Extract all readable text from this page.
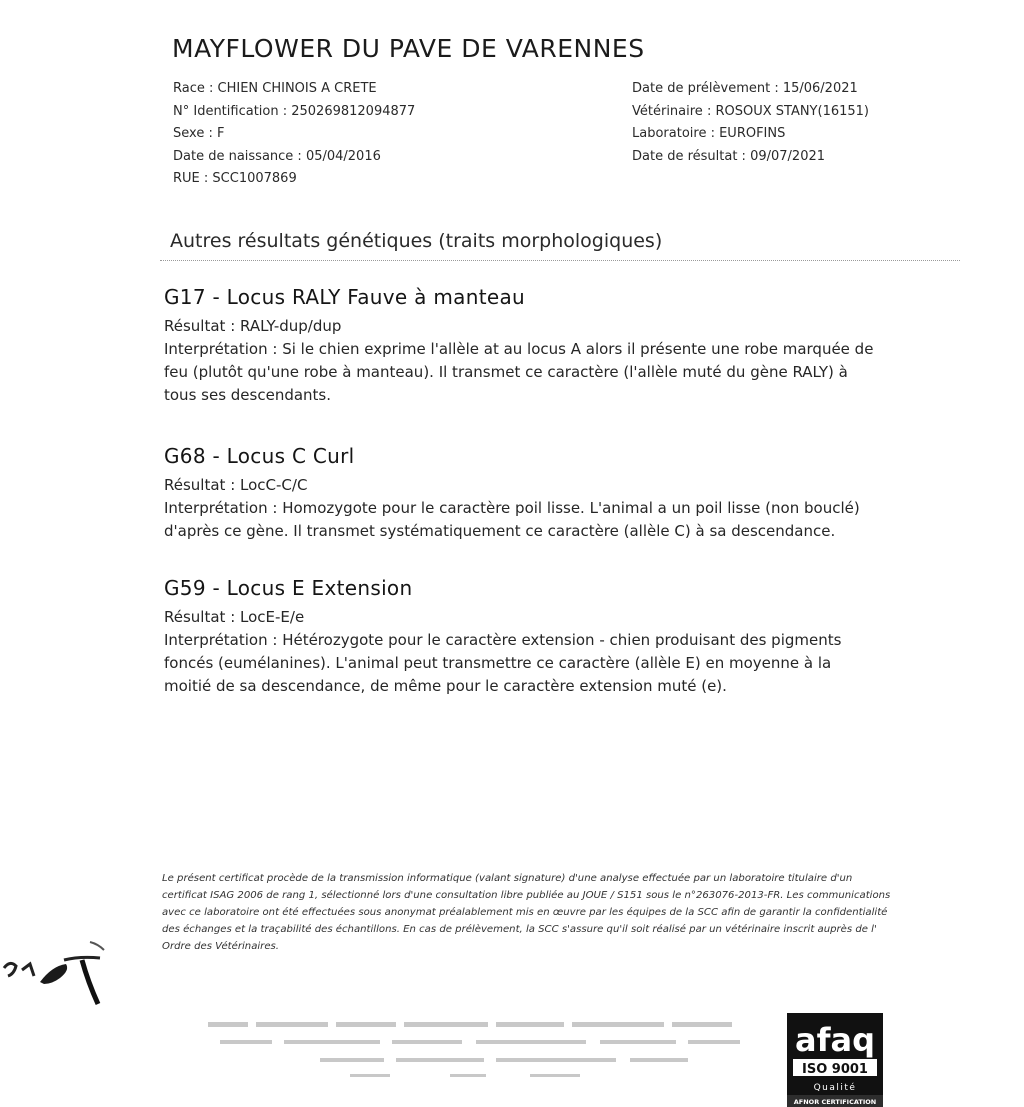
MAYFLOWER DU PAVE DE VARENNES
Race : CHIEN CHINOIS A CRETE
N° Identification : 250269812094877
Sexe : F
Date de naissance : 05/04/2016
RUE : SCC1007869
Date de prélèvement : 15/06/2021
Vétérinaire : ROSOUX STANY(16151)
Laboratoire : EUROFINS
Date de résultat : 09/07/2021
Autres résultats génétiques (traits morphologiques)
G17 - Locus RALY Fauve à manteau

Résultat : RALY-dup/dup

Interprétation : Si le chien exprime l'allèle at au locus A alors il présente une robe marquée de

feu (plutôt qu'une robe à manteau). Il transmet ce caractère (l'allèle muté du gène RALY) à

tous ses descendants.

G68 - Locus C Curl

Résultat : LocC-C/C

Interprétation : Homozygote pour le caractère poil lisse. L'animal a un poil lisse (non bouclé)

d'après ce gène. Il transmet systématiquement ce caractère (allèle C) à sa descendance.

G59 - Locus E Extension

Résultat : LocE-E/e

Interprétation : Hétérozygote pour le caractère extension - chien produisant des pigments

foncés (eumélanines). L'animal peut transmettre ce caractère (allèle E) en moyenne à la

moitié de sa descendance, de même pour le caractère extension muté (e).

Le présent certificat procède de la transmission informatique (valant signature) d'une analyse effectuée par un laboratoire titulaire d'un
certificat ISAG 2006 de rang 1, sélectionné lors d'une consultation libre publiée au JOUE / S151 sous le n°263076-2013-FR. Les communications
avec ce laboratoire ont été effectuées sous anonymat préalablement mis en œuvre par les équipes de la SCC afin de garantir la confidentialité
des échanges et la traçabilité des échantillons. En cas de prélèvement, la SCC s'assure qu'il soit réalisé par un vétérinaire inscrit auprès de l'
Ordre des Vétérinaires.
afaq
ISO 9001
Qualité
AFNOR CERTIFICATION
